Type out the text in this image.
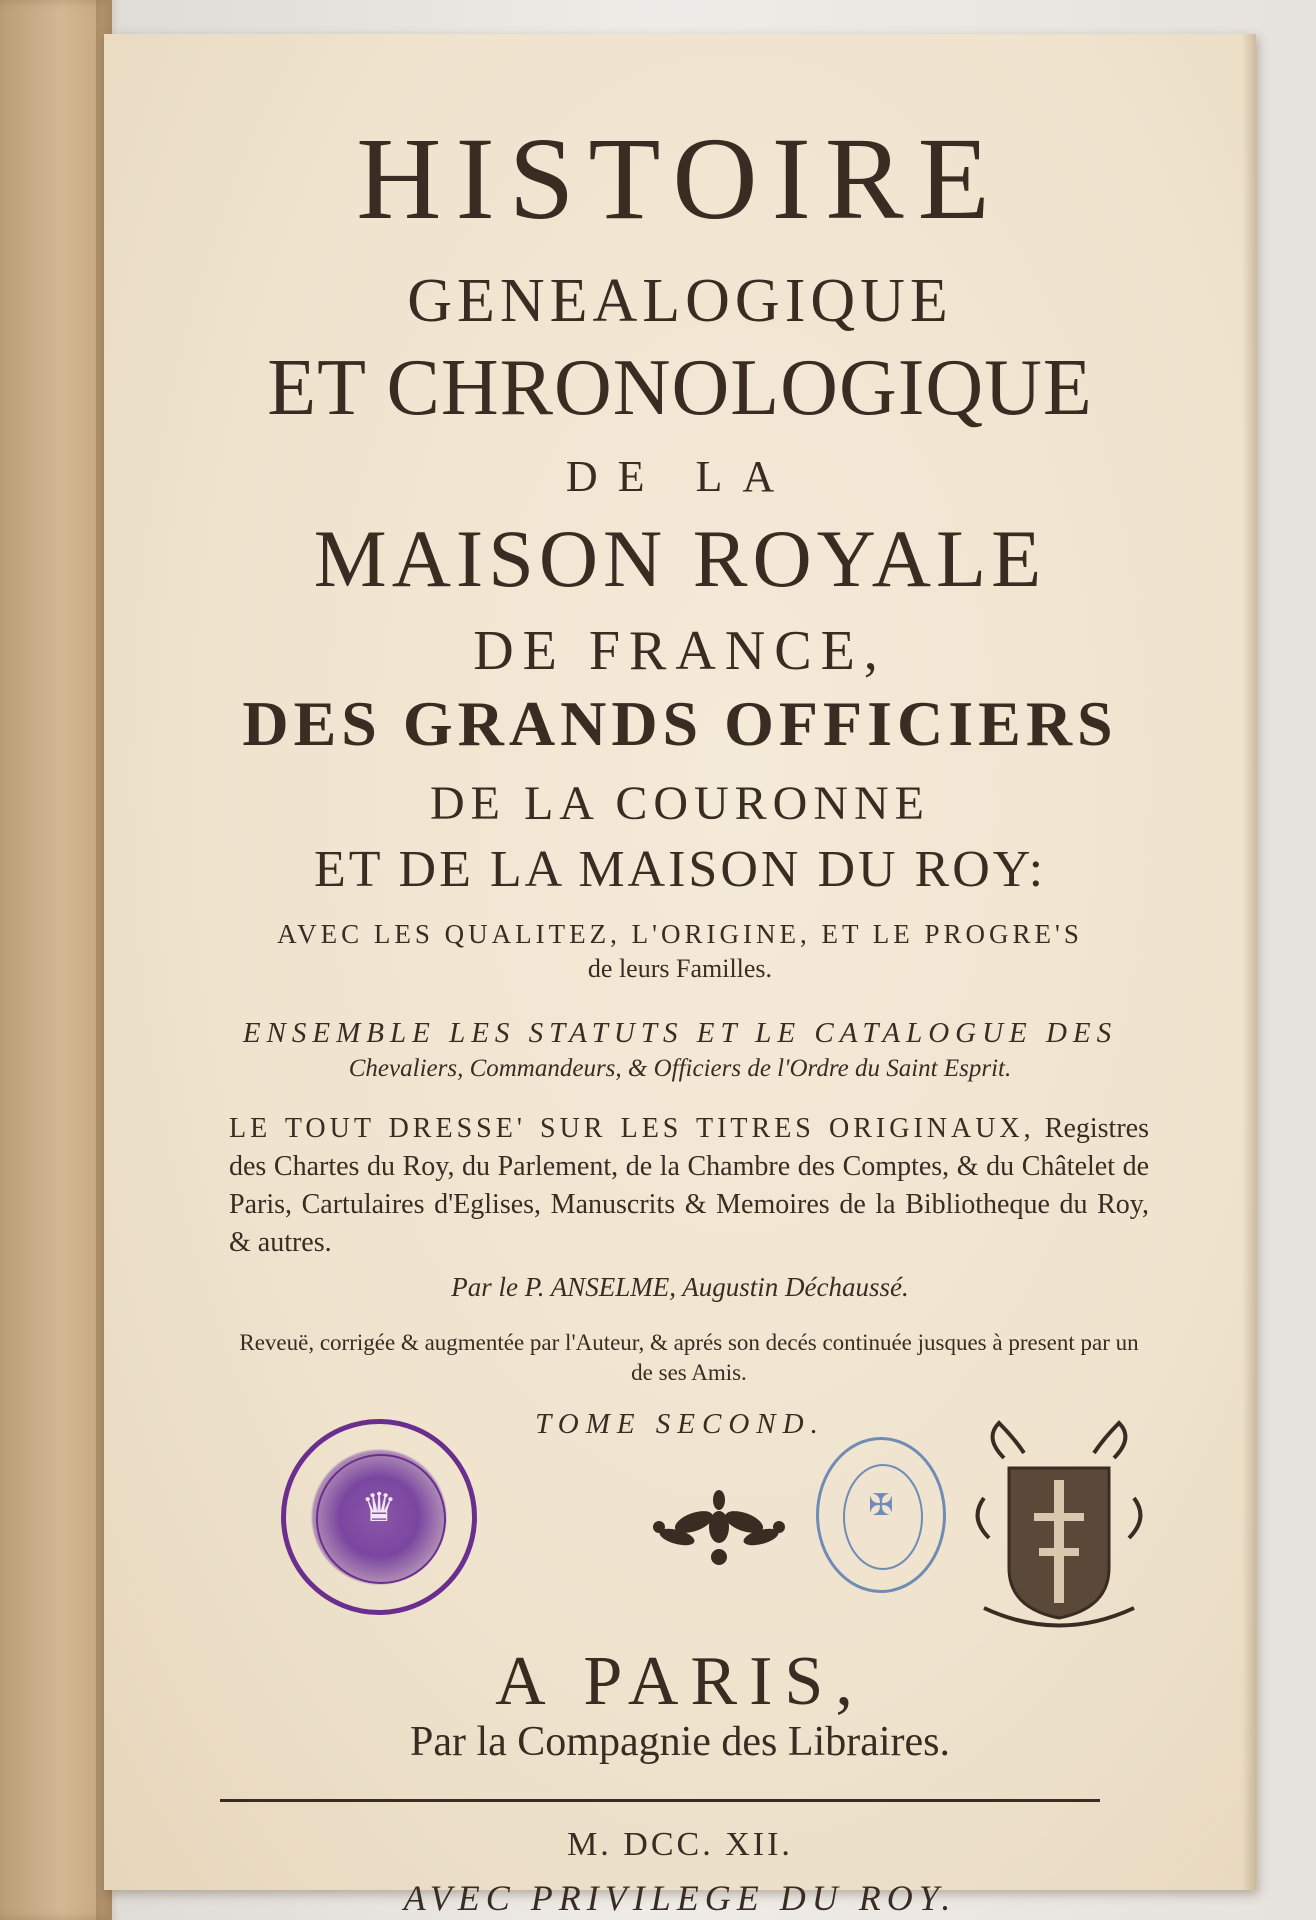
HISTOIRE
GENEALOGIQUE
ET CHRONOLOGIQUE
DE LA
MAISON ROYALE
DE FRANCE,
DES GRANDS OFFICIERS
DE LA COURONNE
ET DE LA MAISON DU ROY:
AVEC LES QUALITEZ, L'ORIGINE, ET LE PROGRE'S
de leurs Familles.
ENSEMBLE LES STATUTS ET LE CATALOGUE DES
Chevaliers, Commandeurs, & Officiers de l'Ordre du Saint Esprit.
LE TOUT DRESSE' SUR LES TITRES ORIGINAUX, Registres des Chartes du Roy, du Parlement, de la Chambre des Comptes, & du Châtelet de Paris, Cartulaires d'Eglises, Manuscrits & Memoires de la Bibliotheque du Roy, & autres.
Par le P. ANSELME, Augustin Déchaussé.
Reveuë, corrigée & augmentée par l'Auteur, & aprés son decés continuée jusques à present par un de ses Amis.
TOME SECOND.
♛	✠
A PARIS,
Par la Compagnie des Libraires.
M. DCC. XII.
AVEC PRIVILEGE DU ROY.
